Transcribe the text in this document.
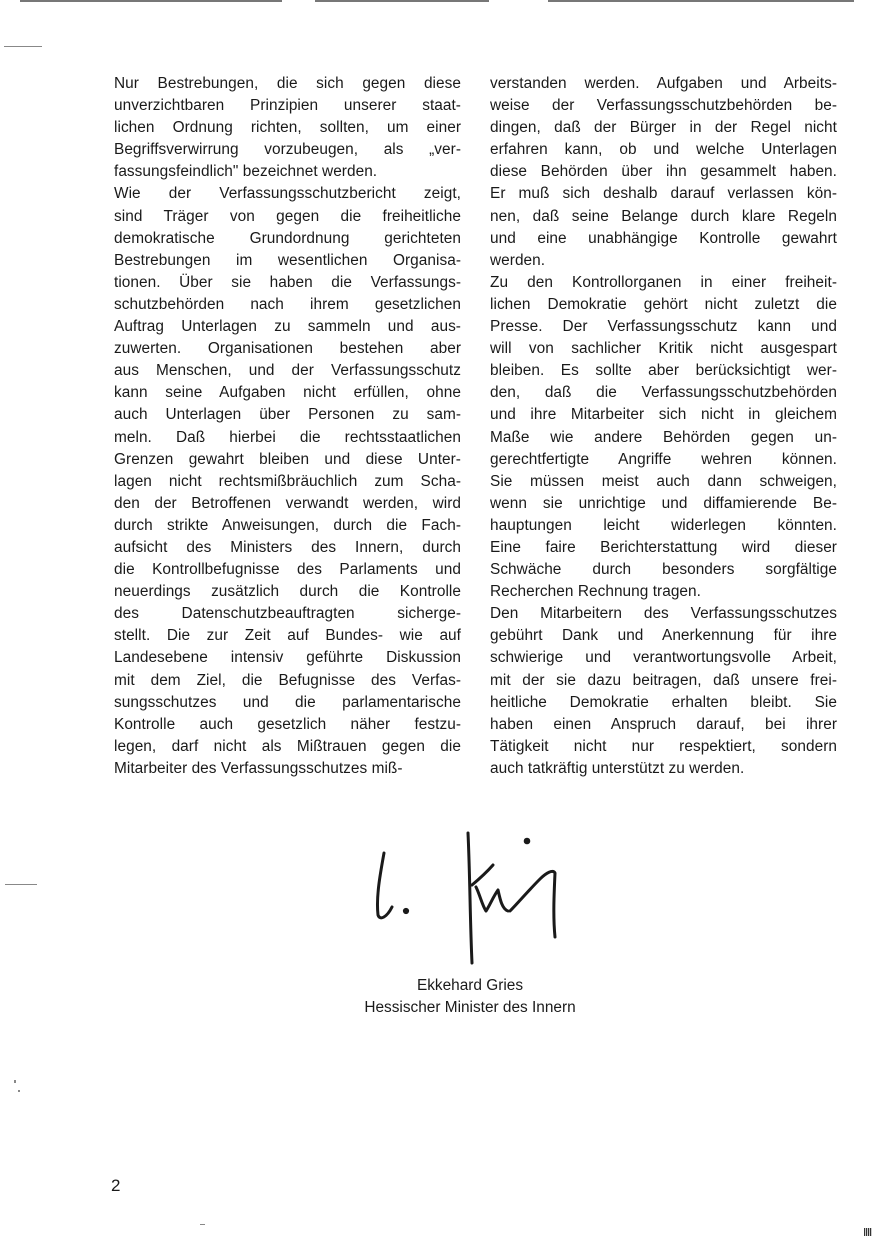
Nur Bestrebungen, die sich gegen diese
unverzichtbaren Prinzipien unserer staat-
lichen Ordnung richten, sollten, um einer
Begriffsverwirrung vorzubeugen, als „ver-
fassungsfeindlich" bezeichnet werden.
Wie der Verfassungsschutzbericht zeigt,
sind Träger von gegen die freiheitliche
demokratische Grundordnung gerichteten
Bestrebungen im wesentlichen Organisa-
tionen. Über sie haben die Verfassungs-
schutzbehörden nach ihrem gesetzlichen
Auftrag Unterlagen zu sammeln und aus-
zuwerten. Organisationen bestehen aber
aus Menschen, und der Verfassungsschutz
kann seine Aufgaben nicht erfüllen, ohne
auch Unterlagen über Personen zu sam-
meln. Daß hierbei die rechtsstaatlichen
Grenzen gewahrt bleiben und diese Unter-
lagen nicht rechtsmißbräuchlich zum Scha-
den der Betroffenen verwandt werden, wird
durch strikte Anweisungen, durch die Fach-
aufsicht des Ministers des Innern, durch
die Kontrollbefugnisse des Parlaments und
neuerdings zusätzlich durch die Kontrolle
des Datenschutzbeauftragten sicherge-
stellt. Die zur Zeit auf Bundes- wie auf
Landesebene intensiv geführte Diskussion
mit dem Ziel, die Befugnisse des Verfas-
sungsschutzes und die parlamentarische
Kontrolle auch gesetzlich näher festzu-
legen, darf nicht als Mißtrauen gegen die
Mitarbeiter des Verfassungsschutzes miß-
verstanden werden. Aufgaben und Arbeits-
weise der Verfassungsschutzbehörden be-
dingen, daß der Bürger in der Regel nicht
erfahren kann, ob und welche Unterlagen
diese Behörden über ihn gesammelt haben.
Er muß sich deshalb darauf verlassen kön-
nen, daß seine Belange durch klare Regeln
und eine unabhängige Kontrolle gewahrt
werden.
Zu den Kontrollorganen in einer freiheit-
lichen Demokratie gehört nicht zuletzt die
Presse. Der Verfassungsschutz kann und
will von sachlicher Kritik nicht ausgespart
bleiben. Es sollte aber berücksichtigt wer-
den, daß die Verfassungsschutzbehörden
und ihre Mitarbeiter sich nicht in gleichem
Maße wie andere Behörden gegen un-
gerechtfertigte Angriffe wehren können.
Sie müssen meist auch dann schweigen,
wenn sie unrichtige und diffamierende Be-
hauptungen leicht widerlegen könnten.
Eine faire Berichterstattung wird dieser
Schwäche durch besonders sorgfältige
Recherchen Rechnung tragen.
Den Mitarbeitern des Verfassungsschutzes
gebührt Dank und Anerkennung für ihre
schwierige und verantwortungsvolle Arbeit,
mit der sie dazu beitragen, daß unsere frei-
heitliche Demokratie erhalten bleibt. Sie
haben einen Anspruch darauf, bei ihrer
Tätigkeit nicht nur respektiert, sondern
auch tatkräftig unterstützt zu werden.
Ekkehard Gries
Hessischer Minister des Innern
2
